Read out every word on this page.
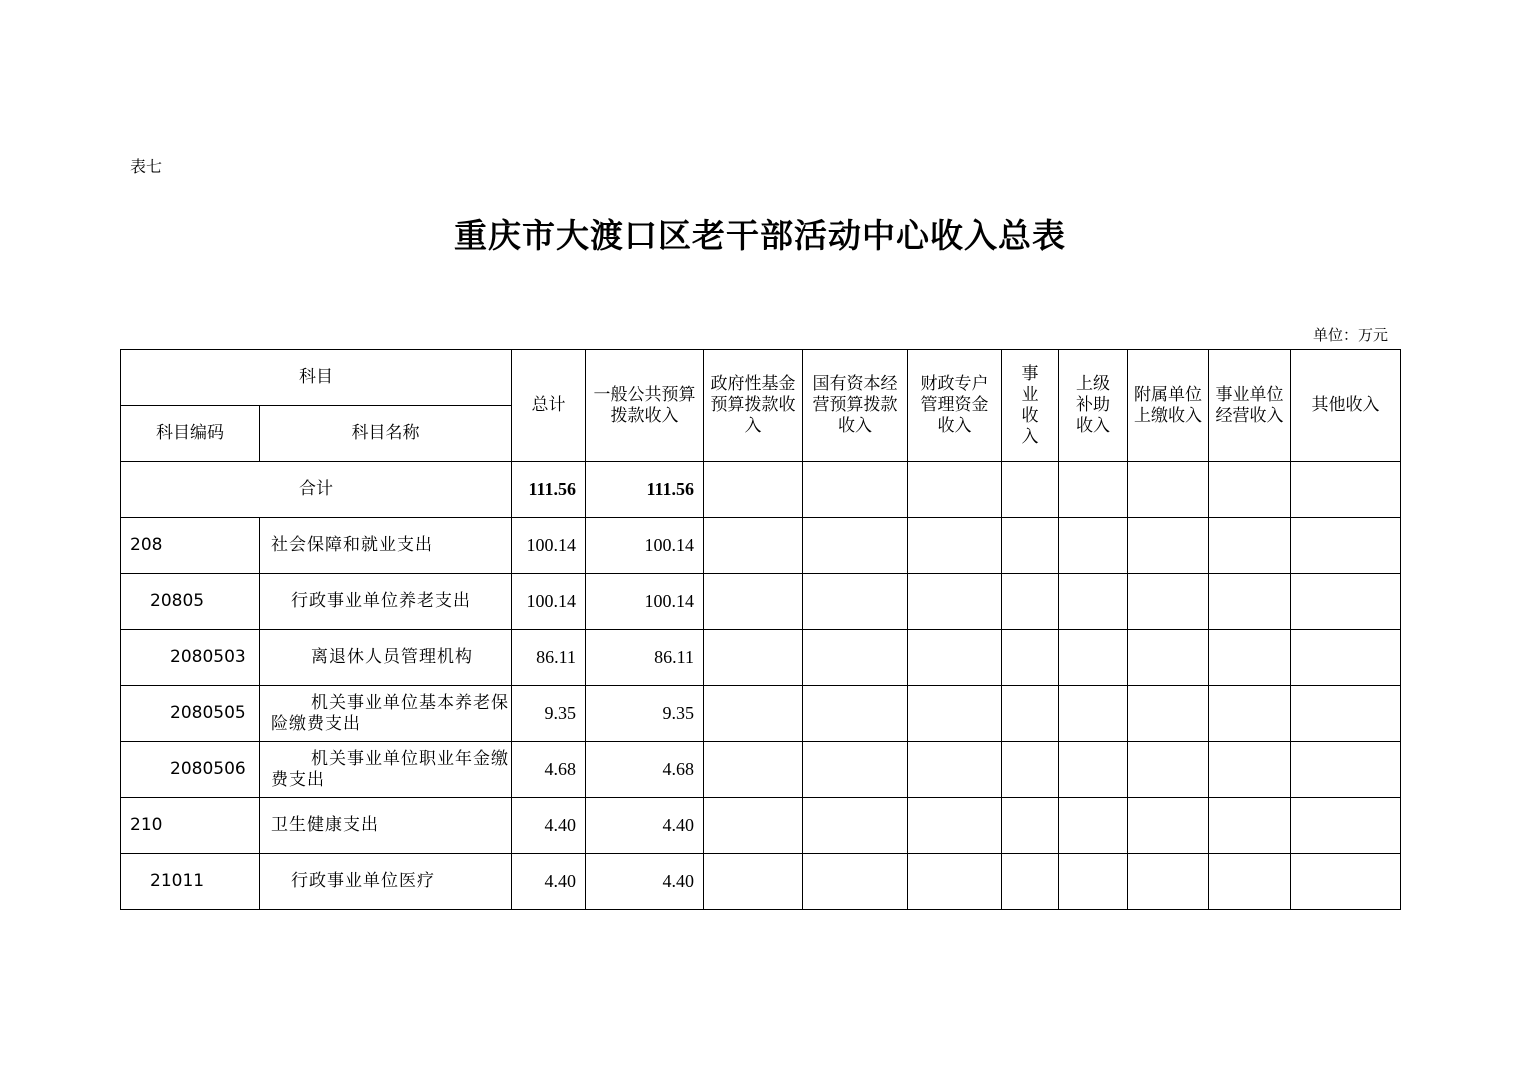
表七
重庆市大渡口区老干部活动中心收入总表
单位：万元
科目		总计	一般公共预算拨款收入	政府性基金预算拨款收入	国有资本经营预算拨款收入	财政专户管理资金收入	事业收入	上级补助收入	附属单位上缴收入	事业单位经营收入	其他收入
科目编码	科目名称										
合计		111.56	111.56								
208	社会保障和就业支出	100.14	100.14								
20805	行政事业单位养老支出	100.14	100.14								
2080503	离退休人员管理机构	86.11	86.11								
2080505	机关事业单位基本养老保险缴费支出	9.35	9.35								
2080506	机关事业单位职业年金缴费支出	4.68	4.68								
210	卫生健康支出	4.40	4.40								
21011	行政事业单位医疗	4.40	4.40								
